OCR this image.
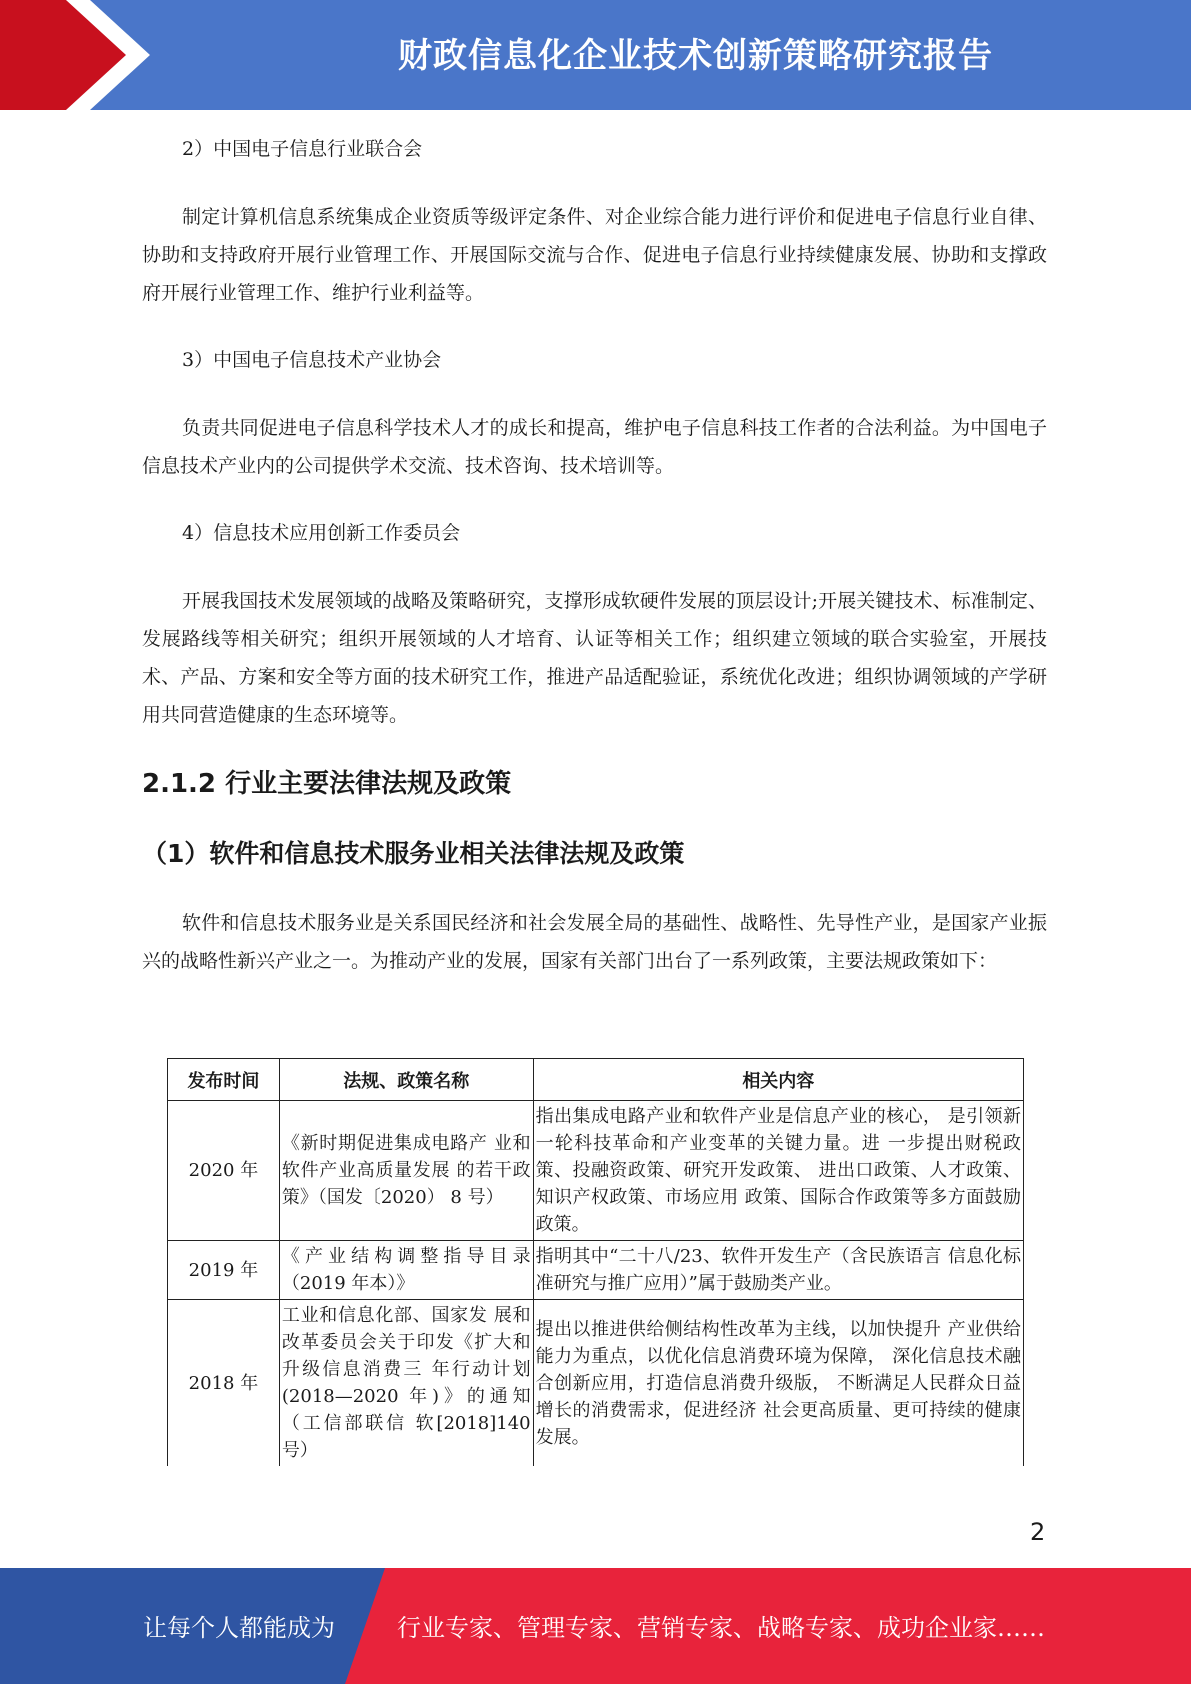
财政信息化企业技术创新策略研究报告
2）中国电子信息行业联合会
制定计算机信息系统集成企业资质等级评定条件、对企业综合能力进行评价和促进电子信息行业自律、协助和支持政府开展行业管理工作、开展国际交流与合作、促进电子信息行业持续健康发展、协助和支撑政府开展行业管理工作、维护行业利益等。
3）中国电子信息技术产业协会
负责共同促进电子信息科学技术人才的成长和提高，维护电子信息科技工作者的合法利益。为中国电子信息技术产业内的公司提供学术交流、技术咨询、技术培训等。
4）信息技术应用创新工作委员会
开展我国技术发展领域的战略及策略研究，支撑形成软硬件发展的顶层设计;开展关键技术、标准制定、发展路线等相关研究；组织开展领域的人才培育、认证等相关工作；组织建立领域的联合实验室，开展技术、产品、方案和安全等方面的技术研究工作，推进产品适配验证，系统优化改进；组织协调领域的产学研用共同营造健康的生态环境等。
2.1.2 行业主要法律法规及政策
（1）软件和信息技术服务业相关法律法规及政策
软件和信息技术服务业是关系国民经济和社会发展全局的基础性、战略性、先导性产业，是国家产业振兴的战略性新兴产业之一。为推动产业的发展，国家有关部门出台了一系列政策，主要法规政策如下：
发布时间	法规、政策名称	相关内容
2020 年	《新时期促进集成电路产 业和软件产业高质量发展 的若干政策》（国发〔2020） 8 号）	指出集成电路产业和软件产业是信息产业的核心， 是引领新一轮科技革命和产业变革的关键力量。进 一步提出财税政策、投融资政策、研究开发政策、 进出口政策、人才政策、知识产权政策、市场应用 政策、国际合作政策等多方面鼓励政策。
2019 年	《产业结构调整指导目录（2019 年本）》	指明其中“二十八/23、软件开发生产（含民族语言 信息化标准研究与推广应用）”属于鼓励类产业。
2018 年	工业和信息化部、国家发 展和改革委员会关于印发《扩大和升级信息消费三 年行动计划(2018—2020 年)》的通知（工信部联信 软[2018]140 号）	提出以推进供给侧结构性改革为主线，以加快提升 产业供给能力为重点，以优化信息消费环境为保障， 深化信息技术融合创新应用，打造信息消费升级版， 不断满足人民群众日益增长的消费需求，促进经济 社会更高质量、更可持续的健康发展。
2
让每个人都能成为	行业专家、管理专家、营销专家、战略专家、成功企业家……
